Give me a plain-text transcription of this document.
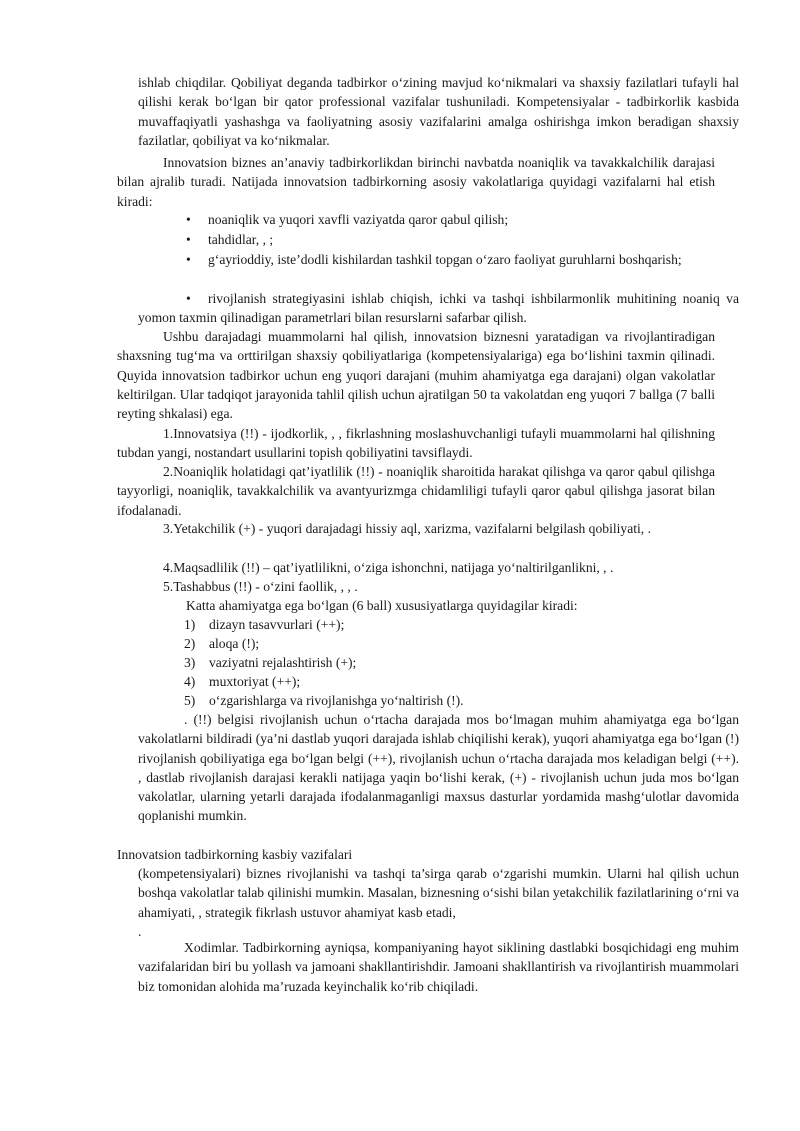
ishlab chiqdilar. Qobiliyat deganda tadbirkor o‘zining mavjud ko‘nikmalari va shaxsiy fazilatlari tufayli hal qilishi kerak bo‘lgan bir qator professional vazifalar tushuniladi. Kompetensiyalar - tadbirkorlik kasbida muvaffaqiyatli yashashga va faoliyatning asosiy vazifalarini amalga oshirishga imkon beradigan shaxsiy fazilatlar, qobiliyat va ko‘nikmalar.

Innovatsion biznes an’anaviy tadbirkorlikdan birinchi navbatda noaniqlik va tavakkalchilik darajasi bilan ajralib turadi. Natijada innovatsion tadbirkorning asosiy vakolatlariga quyidagi vazifalarni hal etish kiradi:

• noaniqlik va yuqori xavfli vaziyatda qaror qabul qilish;

• tahdidlar, , ;

•	g‘ayrioddiy, iste’dodli kishilardan tashkil topgan o‘zaro faoliyat guruhlarni boshqarish;

•	rivojlanish strategiyasini ishlab chiqish, ichki va tashqi ishbilarmonlik muhitining noaniq va yomon taxmin qilinadigan parametrlari bilan resurslarni safarbar qilish.

Ushbu darajadagi muammolarni hal qilish, innovatsion biznesni yaratadigan va rivojlantiradigan shaxsning tug‘ma va orttirilgan shaxsiy qobiliyatlariga (kompetensiyalariga) ega bo‘lishini taxmin qilinadi. Quyida innovatsion tadbirkor uchun eng yuqori darajani (muhim ahamiyatga ega darajani) olgan vakolatlar keltirilgan. Ular tadqiqot jarayonida tahlil qilish uchun ajratilgan 50 ta vakolatdan eng yuqori 7 ballga (7 balli reyting shkalasi) ega.

1.Innovatsiya (!!) - ijodkorlik, , , fikrlashning moslashuvchanligi tufayli muammolarni hal qilishning tubdan yangi, nostandart usullarini topish qobiliyatini tavsiflaydi.

2.Noaniqlik holatidagi qat’iyatlilik (!!) - noaniqlik sharoitida harakat qilishga va qaror qabul qilishga tayyorligi, noaniqlik, tavakkalchilik va avantyurizmga chidamliligi tufayli qaror qabul qilishga jasorat bilan ifodalanadi.

3.Yetakchilik (+) - yuqori darajadagi hissiy aql, xarizma, vazifalarni belgilash qobiliyati, .

4.Maqsadlilik (!!) – qat’iyatlilikni, o‘ziga ishonchni, natijaga yo‘naltirilganlikni, , .

5.Tashabbus (!!) - o‘zini faollik, , , .

Katta ahamiyatga ega bo‘lgan (6 ball) xususiyatlarga quyidagilar kiradi:

1) dizayn tasavvurlari (++);
2) aloqa (!);
3) vaziyatni rejalashtirish (+);
4) muxtoriyat (++);
5) o‘zgarishlarga va rivojlanishga yo‘naltirish (!).

. (!!) belgisi rivojlanish uchun o‘rtacha darajada mos bo‘lmagan muhim ahamiyatga ega bo‘lgan vakolatlarni bildiradi (ya’ni dastlab yuqori darajada ishlab chiqilishi kerak), yuqori ahamiyatga ega bo‘lgan (!) rivojlanish qobiliyatiga ega bo‘lgan belgi (++), rivojlanish uchun o‘rtacha darajada mos keladigan belgi (++). , dastlab rivojlanish darajasi kerakli natijaga yaqin bo‘lishi kerak, (+) - rivojlanish uchun juda mos bo‘lgan vakolatlar, ularning yetarli darajada ifodalanmaganligi maxsus dasturlar yordamida mashg‘ulotlar davomida qoplanishi mumkin.

Innovatsion tadbirkorning kasbiy vazifalari

(kompetensiyalari) biznes rivojlanishi va tashqi ta’sirga qarab o‘zgarishi mumkin. Ularni hal qilish uchun boshqa vakolatlar talab qilinishi mumkin. Masalan, biznesning o‘sishi bilan yetakchilik fazilatlarining o‘rni va ahamiyati, , strategik fikrlash ustuvor ahamiyat kasb etadi,

.

Xodimlar. Tadbirkorning ayniqsa, kompaniyaning hayot siklining dastlabki bosqichidagi eng muhim vazifalaridan biri bu yollash va jamoani shakllantirishdir. Jamoani shakllantirish va rivojlantirish muammolari biz tomonidan alohida ma’ruzada keyinchalik ko‘rib chiqiladi.
